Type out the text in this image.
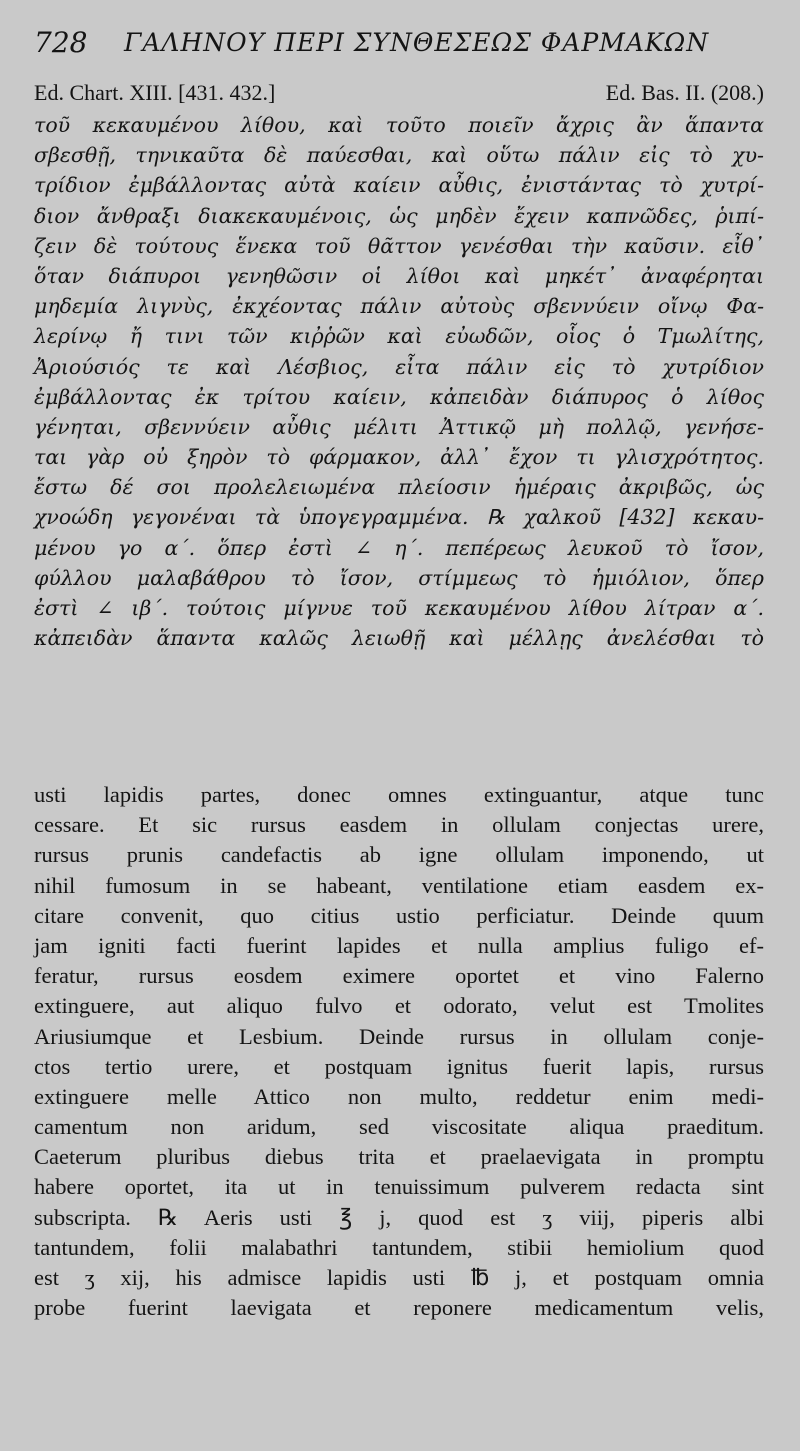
728 ΓΑΛΗΝΟΥ ΠΕΡΙ ΣΥΝΘΕΣΕΩΣ ΦΑΡΜΑΚΩΝ
Ed. Chart. XIII. [431. 432.]	Ed. Bas. II. (208.)
τοῦ κεκαυμένου λίθου, καὶ τοῦτο ποιεῖν ἄχρις ἂν ἅπαντα
σβεσθῇ, τηνικαῦτα δὲ παύεσθαι, καὶ οὕτω πάλιν εἰς τὸ χυ-
τρίδιον ἐμβάλλοντας αὐτὰ καίειν αὖθις, ἐνιστάντας τὸ χυτρί-
διον ἄνθραξι διακεκαυμένοις, ὡς μηδὲν ἔχειν καπνῶδες, ῥιπί-
ζειν δὲ τούτους ἕνεκα τοῦ θᾶττον γενέσθαι τὴν καῦσιν. εἶθ᾽
ὅταν διάπυροι γενηθῶσιν οἱ λίθοι καὶ μηκέτ᾽ ἀναφέρηται
μηδεμία λιγνὺς, ἐκχέοντας πάλιν αὐτοὺς σβεννύειν οἴνῳ Φα-
λερίνῳ ἤ τινι τῶν κιῤῥῶν καὶ εὐωδῶν, οἷος ὁ Τμωλίτης,
Ἀριούσιός τε καὶ Λέσβιος, εἶτα πάλιν εἰς τὸ χυτρίδιον
ἐμβάλλοντας ἐκ τρίτου καίειν, κἀπειδὰν διάπυρος ὁ λίθος
γένηται, σβεννύειν αὖθις μέλιτι Ἀττικῷ μὴ πολλῷ, γενήσε-
ται γὰρ οὐ ξηρὸν τὸ φάρμακον, ἀλλ᾽ ἔχον τι γλισχρότητος.
ἔστω δέ σοι προλελειωμένα πλείοσιν ἡμέραις ἀκριβῶς, ὡς
χνοώδη γεγονέναι τὰ ὑπογεγραμμένα. ℞ χαλκοῦ [432] κεκαυ-
μένου γο α΄. ὅπερ ἐστὶ ∠ η΄. πεπέρεως λευκοῦ τὸ ἴσον,
φύλλου μαλαβάθρου τὸ ἴσον, στίμμεως τὸ ἡμιόλιον, ὅπερ
ἐστὶ ∠ ιβ΄. τούτοις μίγνυε τοῦ κεκαυμένου λίθου λίτραν α΄.
κἀπειδὰν ἅπαντα καλῶς λειωθῇ καὶ μέλλῃς ἀνελέσθαι τὸ
usti lapidis partes, donec omnes extinguantur, atque tunc
cessare. Et sic rursus easdem in ollulam conjectas urere,
rursus prunis candefactis ab igne ollulam imponendo, ut
nihil fumosum in se habeant, ventilatione etiam easdem ex-
citare convenit, quo citius ustio perficiatur. Deinde quum
jam igniti facti fuerint lapides et nulla amplius fuligo ef-
feratur, rursus eosdem eximere oportet et vino Falerno
extinguere, aut aliquo fulvo et odorato, velut est Tmolites
Ariusiumque et Lesbium. Deinde rursus in ollulam conje-
ctos tertio urere, et postquam ignitus fuerit lapis, rursus
extinguere melle Attico non multo, reddetur enim medi-
camentum non aridum, sed viscositate aliqua praeditum.
Caeterum pluribus diebus trita et praelaevigata in promptu
habere oportet, ita ut in tenuissimum pulverem redacta sint
subscripta. ℞ Aeris usti ℥ j, quod est ʒ viij, piperis albi
tantundem, folii malabathri tantundem, stibii hemiolium quod
est ʒ xij, his admisce lapidis usti ℔ j, et postquam omnia
probe fuerint laevigata et reponere medicamentum velis,
